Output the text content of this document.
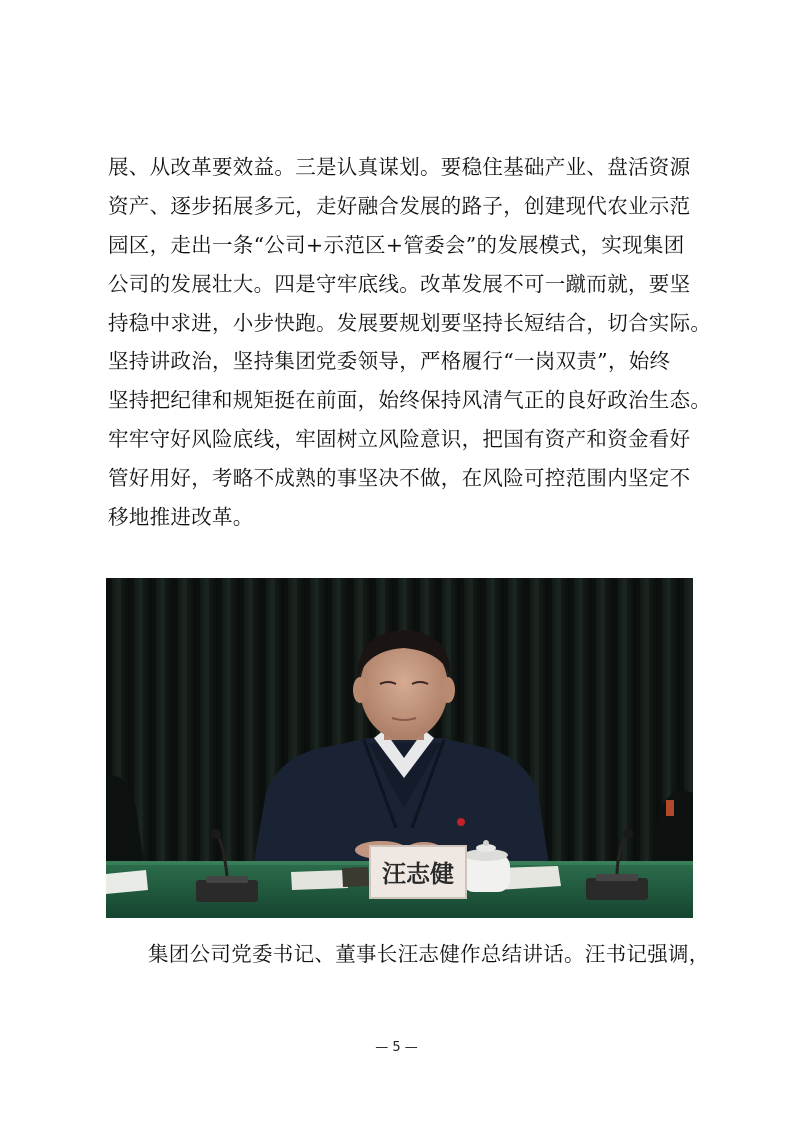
展、从改革要效益。三是认真谋划。要稳住基础产业、盘活资源
资产、逐步拓展多元，走好融合发展的路子，创建现代农业示范
园区，走出一条“公司+示范区+管委会”的发展模式，实现集团
公司的发展壮大。四是守牢底线。改革发展不可一蹴而就，要坚
持稳中求进，小步快跑。发展要规划要坚持长短结合，切合实际。
坚持讲政治，坚持集团党委领导，严格履行“一岗双责”，始终
坚持把纪律和规矩挺在前面，始终保持风清气正的良好政治生态。
牢牢守好风险底线，牢固树立风险意识，把国有资产和资金看好
管好用好，考略不成熟的事坚决不做，在风险可控范围内坚定不
移地推进改革。
汪志健
集团公司党委书记、董事长汪志健作总结讲话。汪书记强调，
— 5 —
